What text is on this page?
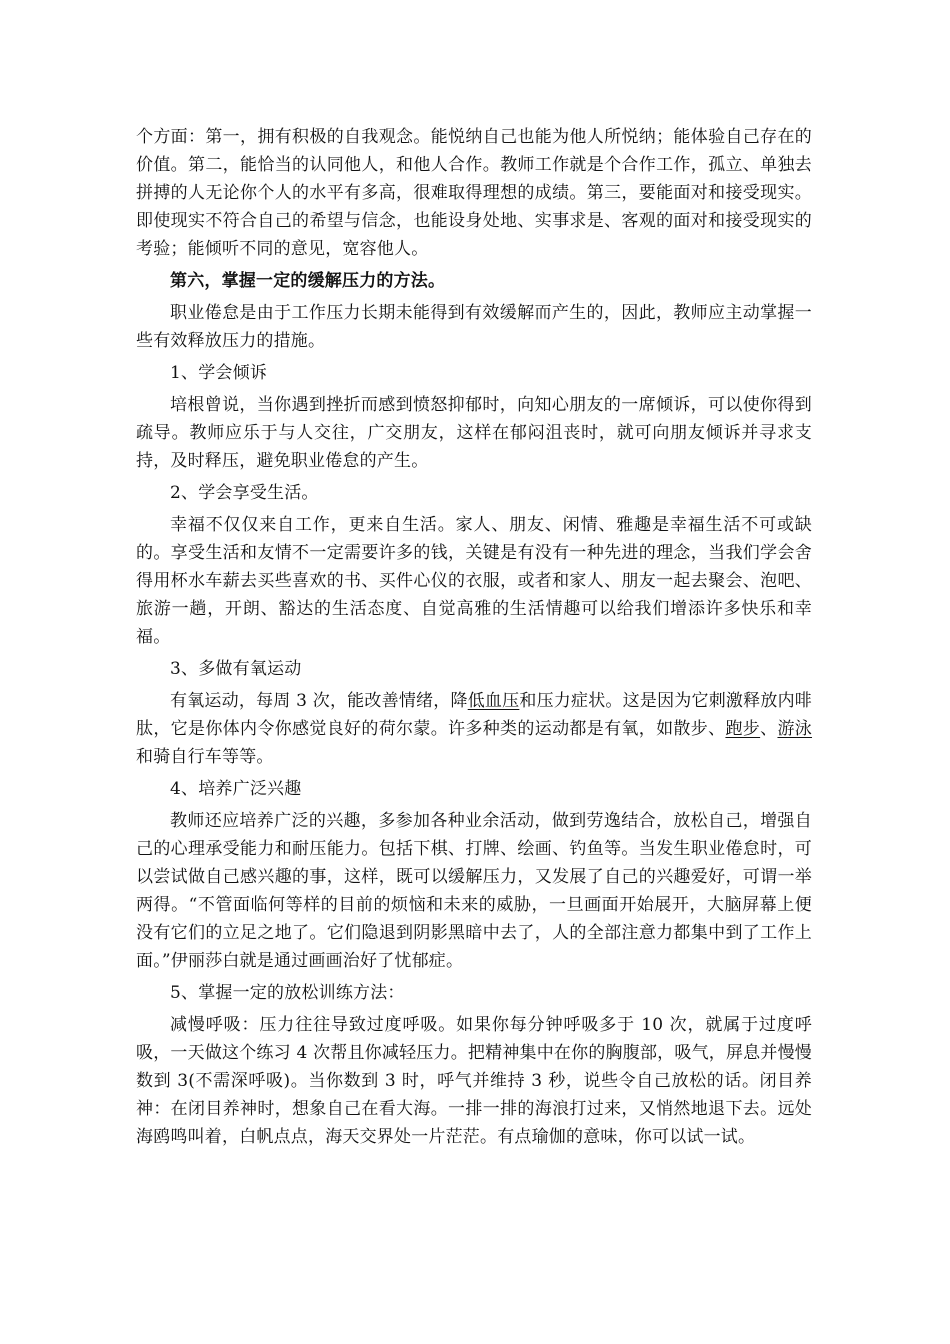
个方面：第一，拥有积极的自我观念。能悦纳自己也能为他人所悦纳；能体验自己存在的价值。第二，能恰当的认同他人，和他人合作。教师工作就是个合作工作，孤立、单独去拼搏的人无论你个人的水平有多高，很难取得理想的成绩。第三，要能面对和接受现实。即使现实不符合自己的希望与信念，也能设身处地、实事求是、客观的面对和接受现实的考验；能倾听不同的意见，宽容他人。

第六，掌握一定的缓解压力的方法。

职业倦怠是由于工作压力长期未能得到有效缓解而产生的，因此，教师应主动掌握一些有效释放压力的措施。

1、学会倾诉

培根曾说，当你遇到挫折而感到愤怒抑郁时，向知心朋友的一席倾诉，可以使你得到疏导。教师应乐于与人交往，广交朋友，这样在郁闷沮丧时，就可向朋友倾诉并寻求支持，及时释压，避免职业倦怠的产生。

2、学会享受生活。

幸福不仅仅来自工作，更来自生活。家人、朋友、闲情、雅趣是幸福生活不可或缺的。享受生活和友情不一定需要许多的钱，关键是有没有一种先进的理念，当我们学会舍得用杯水车薪去买些喜欢的书、买件心仪的衣服，或者和家人、朋友一起去聚会、泡吧、旅游一趟，开朗、豁达的生活态度、自觉高雅的生活情趣可以给我们增添许多快乐和幸福。

3、多做有氧运动

有氧运动，每周 3 次，能改善情绪，降低血压和压力症状。这是因为它刺激释放内啡肽，它是你体内令你感觉良好的荷尔蒙。许多种类的运动都是有氧，如散步、跑步、游泳和骑自行车等等。

4、培养广泛兴趣

教师还应培养广泛的兴趣，多参加各种业余活动，做到劳逸结合，放松自己，增强自己的心理承受能力和耐压能力。包括下棋、打牌、绘画、钓鱼等。当发生职业倦怠时，可以尝试做自己感兴趣的事，这样，既可以缓解压力，又发展了自己的兴趣爱好，可谓一举两得。“不管面临何等样的目前的烦恼和未来的威胁，一旦画面开始展开，大脑屏幕上便没有它们的立足之地了。它们隐退到阴影黑暗中去了，人的全部注意力都集中到了工作上面。”伊丽莎白就是通过画画治好了忧郁症。

5、掌握一定的放松训练方法：

减慢呼吸：压力往往导致过度呼吸。如果你每分钟呼吸多于 10 次，就属于过度呼吸，一天做这个练习 4 次帮且你减轻压力。把精神集中在你的胸腹部，吸气，屏息并慢慢数到 3(不需深呼吸)。当你数到 3 时，呼气并维持 3 秒，说些令自己放松的话。闭目养神：在闭目养神时，想象自己在看大海。一排一排的海浪打过来，又悄然地退下去。远处海鸥鸣叫着，白帆点点，海天交界处一片茫茫。有点瑜伽的意味，你可以试一试。
